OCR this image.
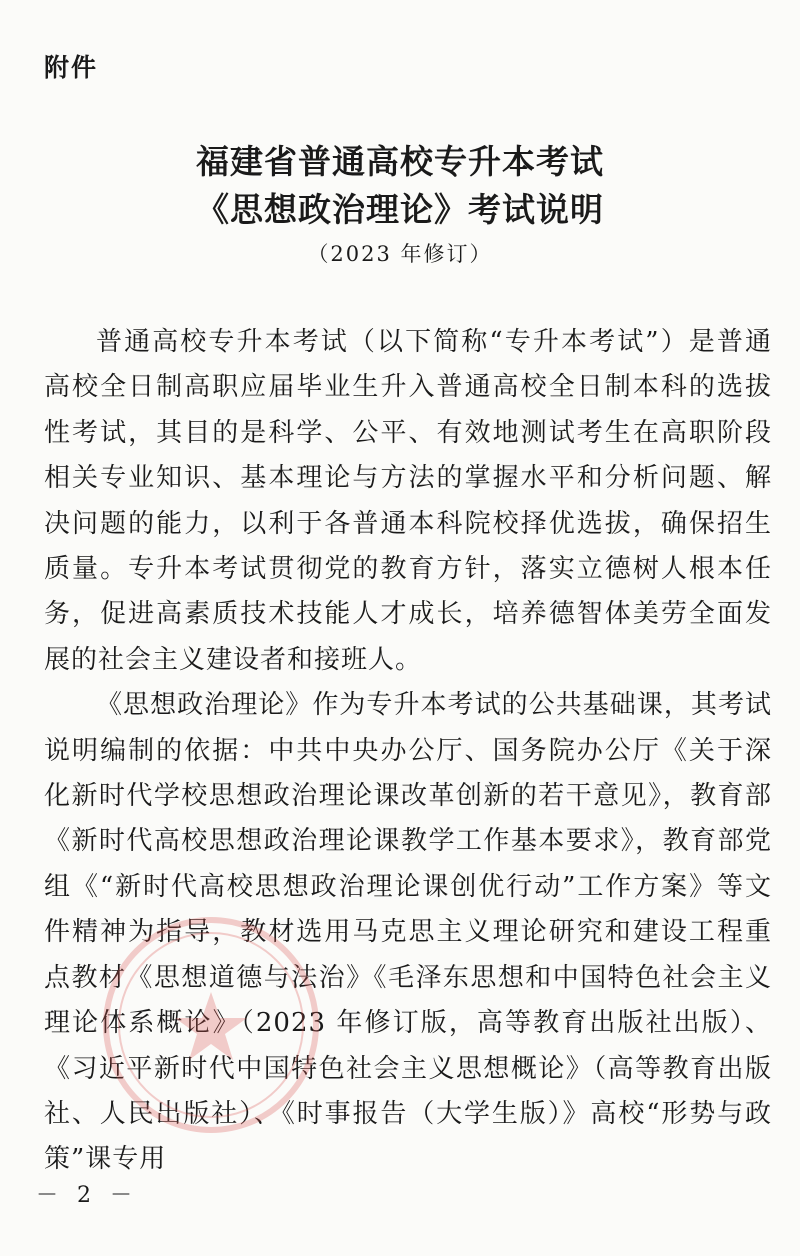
附件
福建省普通高校专升本考试
《思想政治理论》考试说明
（2023 年修订）

普通高校专升本考试（以下简称“专升本考试”）是普通高校全日制高职应届毕业生升入普通高校全日制本科的选拔性考试，其目的是科学、公平、有效地测试考生在高职阶段相关专业知识、基本理论与方法的掌握水平和分析问题、解决问题的能力，以利于各普通本科院校择优选拔，确保招生质量。专升本考试贯彻党的教育方针，落实立德树人根本任务，促进高素质技术技能人才成长，培养德智体美劳全面发展的社会主义建设者和接班人。

《思想政治理论》作为专升本考试的公共基础课，其考试说明编制的依据：中共中央办公厅、国务院办公厅《关于深化新时代学校思想政治理论课改革创新的若干意见》，教育部《新时代高校思想政治理论课教学工作基本要求》，教育部党组《“新时代高校思想政治理论课创优行动”工作方案》等文件精神为指导，教材选用马克思主义理论研究和建设工程重点教材《思想道德与法治》《毛泽东思想和中国特色社会主义理论体系概论》（2023 年修订版，高等教育出版社出版）、《习近平新时代中国特色社会主义思想概论》（高等教育出版社、人民出版社）、《时事报告（大学生版）》高校“形势与政策”课专用

－ 2 －
